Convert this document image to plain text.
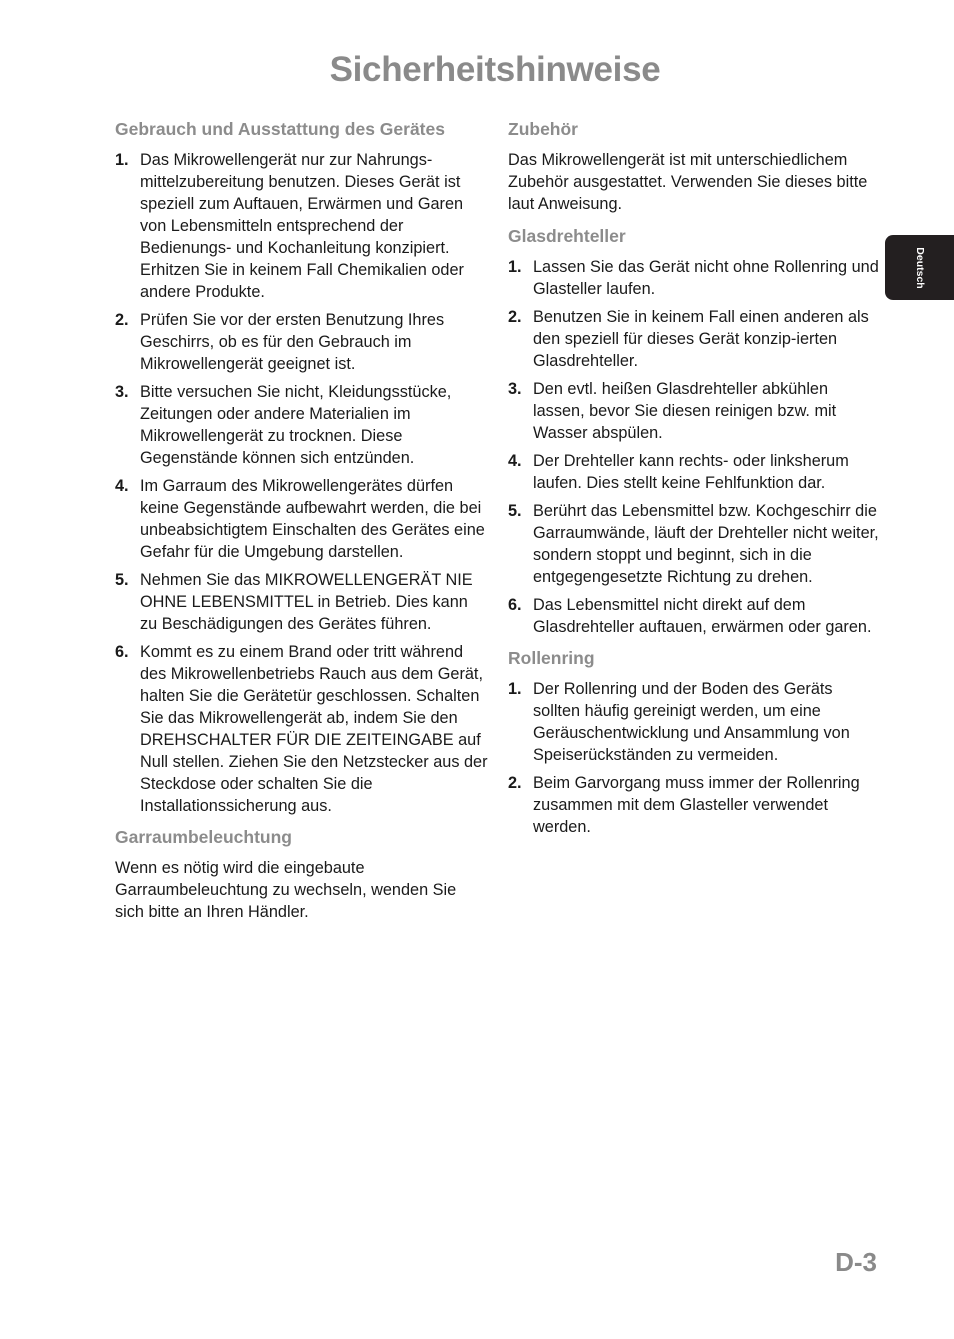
Sicherheitshinweise
Gebrauch und Ausstattung des Gerätes
1. Das Mikrowellengerät nur zur Nahrungs-mittelzubereitung benutzen. Dieses Gerät ist speziell zum Auftauen, Erwärmen und Garen von Lebensmitteln entsprechend der Bedienungs- und Kochanleitung konzipiert. Erhitzen Sie in keinem Fall Chemikalien oder andere Produkte.
2. Prüfen Sie vor der ersten Benutzung Ihres Geschirrs, ob es für den Gebrauch im Mikrowellengerät geeignet ist.
3. Bitte versuchen Sie nicht, Kleidungsstücke, Zeitungen oder andere Materialien im Mikrowellengerät zu trocknen. Diese Gegenstände können sich entzünden.
4. Im Garraum des Mikrowellengerätes dürfen keine Gegenstände aufbewahrt werden, die bei unbeabsichtigtem Einschalten des Gerätes eine Gefahr für die Umgebung darstellen.
5. Nehmen Sie das MIKROWELLENGERÄT NIE OHNE LEBENSMITTEL in Betrieb. Dies kann zu Beschädigungen des Gerätes führen.
6. Kommt es zu einem Brand oder tritt während des Mikrowellenbetriebs Rauch aus dem Gerät, halten Sie die Gerätetür geschlossen. Schalten Sie das Mikrowellengerät ab, indem Sie den DREHSCHALTER FÜR DIE ZEITEINGABE auf Null stellen. Ziehen Sie den Netzstecker aus der Steckdose oder schalten Sie die Installationssicherung aus.
Garraumbeleuchtung

Wenn es nötig wird die eingebaute Garraumbeleuchtung zu wechseln, wenden Sie sich bitte an Ihren Händler.

Zubehör

Das Mikrowellengerät ist mit unterschiedlichem Zubehör ausgestattet. Verwenden Sie dieses bitte laut Anweisung.

Glasdrehteller
1. Lassen Sie das Gerät nicht ohne Rollenring und Glasteller laufen.
2. Benutzen Sie in keinem Fall einen anderen als den speziell für dieses Gerät konzip-ierten Glasdrehteller.
3. Den evtl. heißen Glasdrehteller abkühlen lassen, bevor Sie diesen reinigen bzw. mit Wasser abspülen.
4. Der Drehteller kann rechts- oder linksherum laufen. Dies stellt keine Fehlfunktion dar.
5. Berührt das Lebensmittel bzw. Kochgeschirr die Garraumwände, läuft der Drehteller nicht weiter, sondern stoppt und beginnt, sich in die entgegengesetzte Richtung zu drehen.
6. Das Lebensmittel nicht direkt auf dem Glasdrehteller auftauen, erwärmen oder garen.
Rollenring
1. Der Rollenring und der Boden des Geräts sollten häufig gereinigt werden, um eine Geräuschentwicklung und Ansammlung von Speiserückständen zu vermeiden.
2. Beim Garvorgang muss immer der Rollenring zusammen mit dem Glasteller verwendet werden.
Deutsch
D-3
